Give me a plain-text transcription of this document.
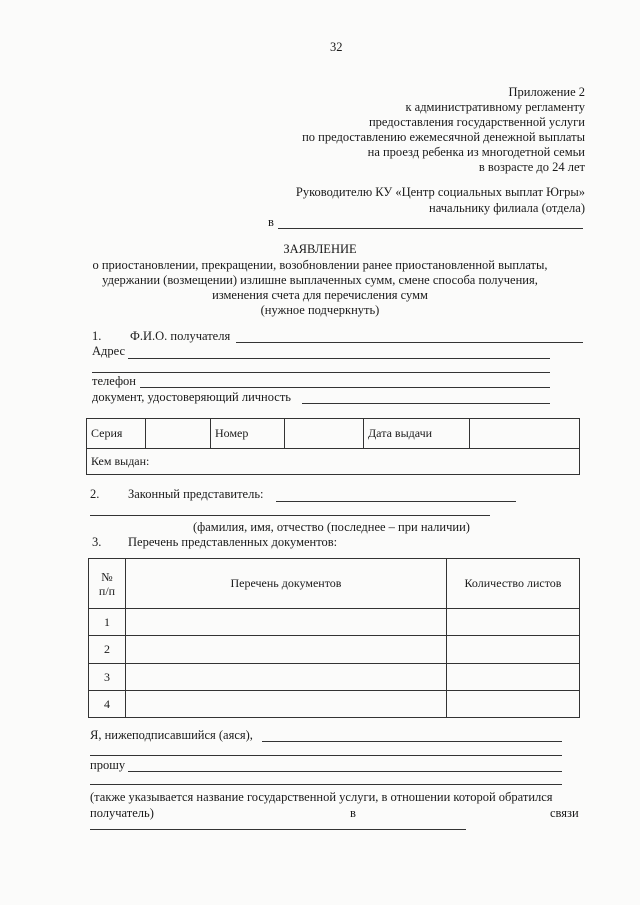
32
Приложение 2
к административному регламенту
предоставления государственной услуги
по предоставлению ежемесячной денежной выплаты
на проезд ребенка из многодетной семьи
в возрасте до 24 лет
Руководителю КУ «Центр социальных выплат Югры»
начальнику филиала (отдела)
в
ЗАЯВЛЕНИЕ
о приостановлении, прекращении, возобновлении ранее приостановленной выплаты,
удержании (возмещении) излишне выплаченных сумм, смене способа получения,
изменения счета для перечисления сумм
(нужное подчеркнуть)
1. Ф.И.О. получателя
Адрес
телефон
документ, удостоверяющий личность
Серия		Номер		Дата выдачи	
Кем выдан:
2. Законный представитель:
(фамилия, имя, отчество (последнее – при наличии)
3. Перечень представленных документов:
№
п/п	Перечень документов	Количество листов
1		
2		
3		
4		
Я, нижеподписавшийся (аяся),
прошу
(также указывается название государственной услуги, в отношении которой обратился
получатель)	в	связи
